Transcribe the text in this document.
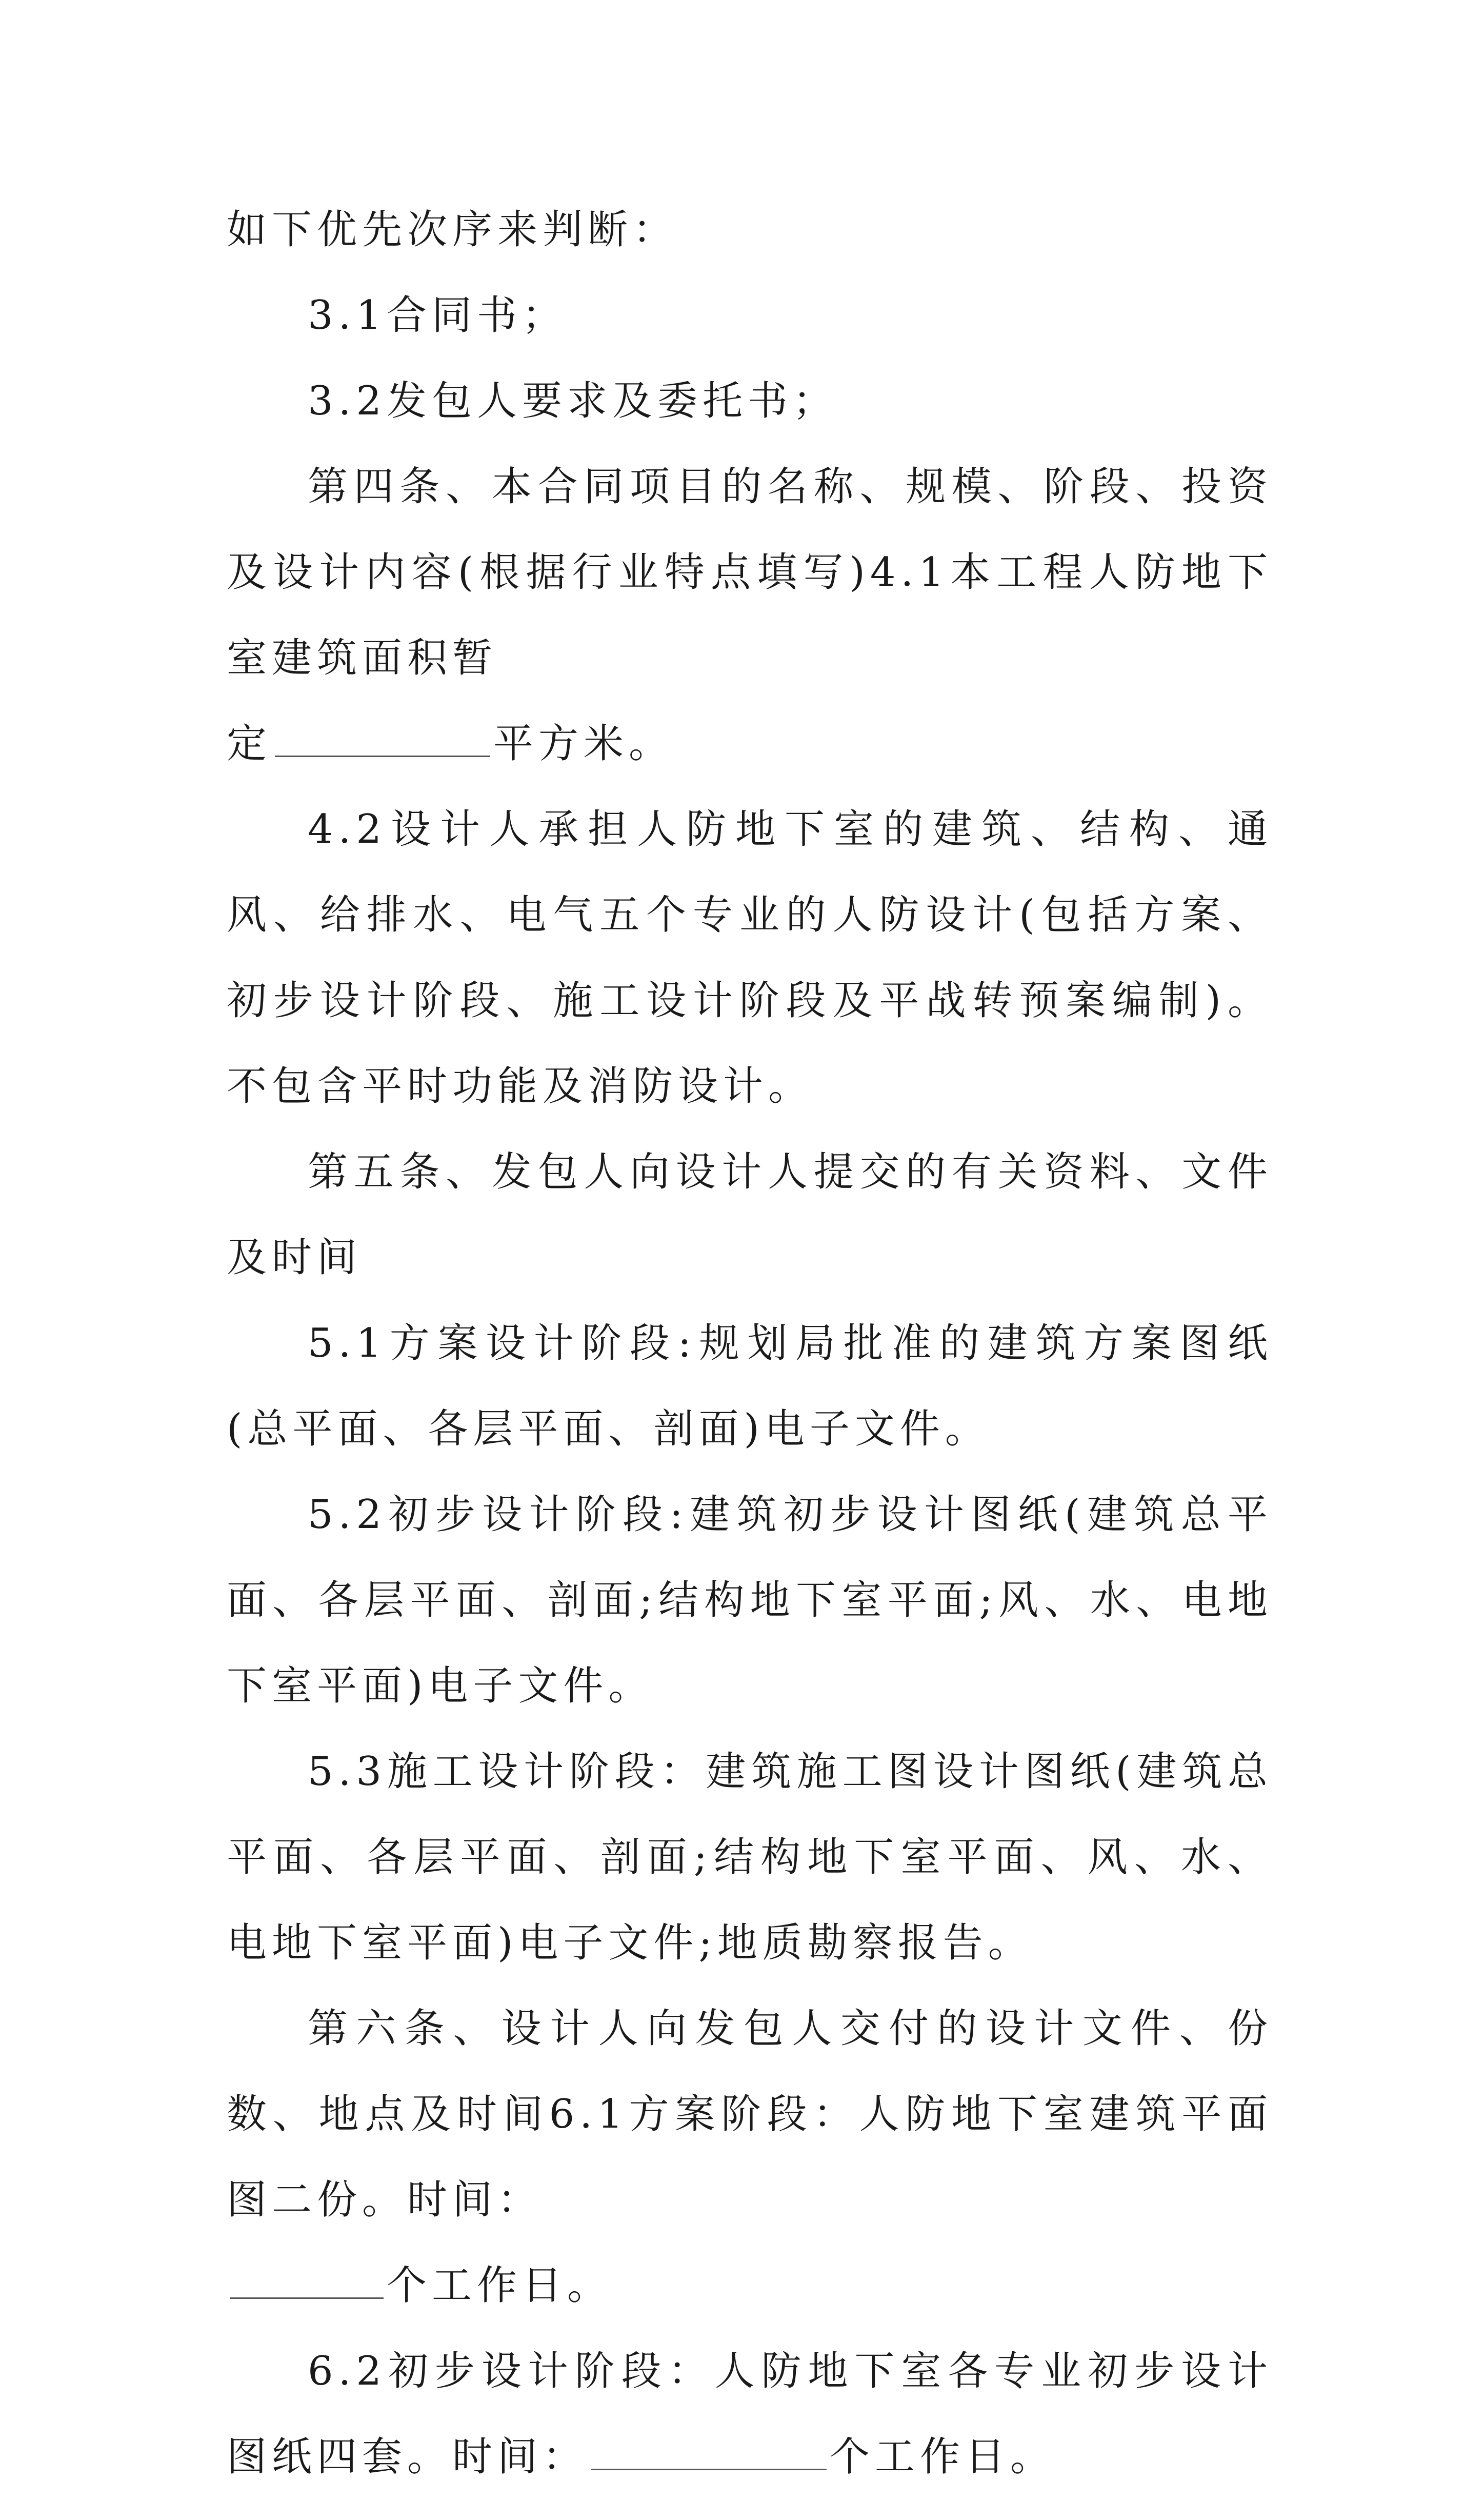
如下优先次序来判断：

3.1合同书；

3.2发包人要求及委托书；

第四条、本合同项目的名称、规模、阶段、投资及设计内容(根据行业特点填写)4.1本工程人防地下室建筑面积暂

定	平方米。

4.2设计人承担人防地下室的建筑、结构、通风、给排水、电气五个专业的人防设计(包括方案、初步设计阶段、施工设计阶段及平战转预案编制)。不包含平时功能及消防设计。

第五条、发包人向设计人提交的有关资料、文件及时间

5.1方案设计阶段:规划局批准的建筑方案图纸(总平面、各层平面、剖面)电子文件。

5.2初步设计阶段:建筑初步设计图纸(建筑总平面、各层平面、剖面;结构地下室平面;风、水、电地下室平面)电子文件。

5.3施工设计阶段：建筑施工图设计图纸(建筑总平面、各层平面、剖面;结构地下室平面、风、水、电地下室平面)电子文件;地质勘察报告。

第六条、设计人向发包人交付的设计文件、份数、地点及时间6.1方案阶段：人防地下室建筑平面图二份。时间：

个工作日。

6.2初步设计阶段：人防地下室各专业初步设计图纸四套。时间：	个工作日。
